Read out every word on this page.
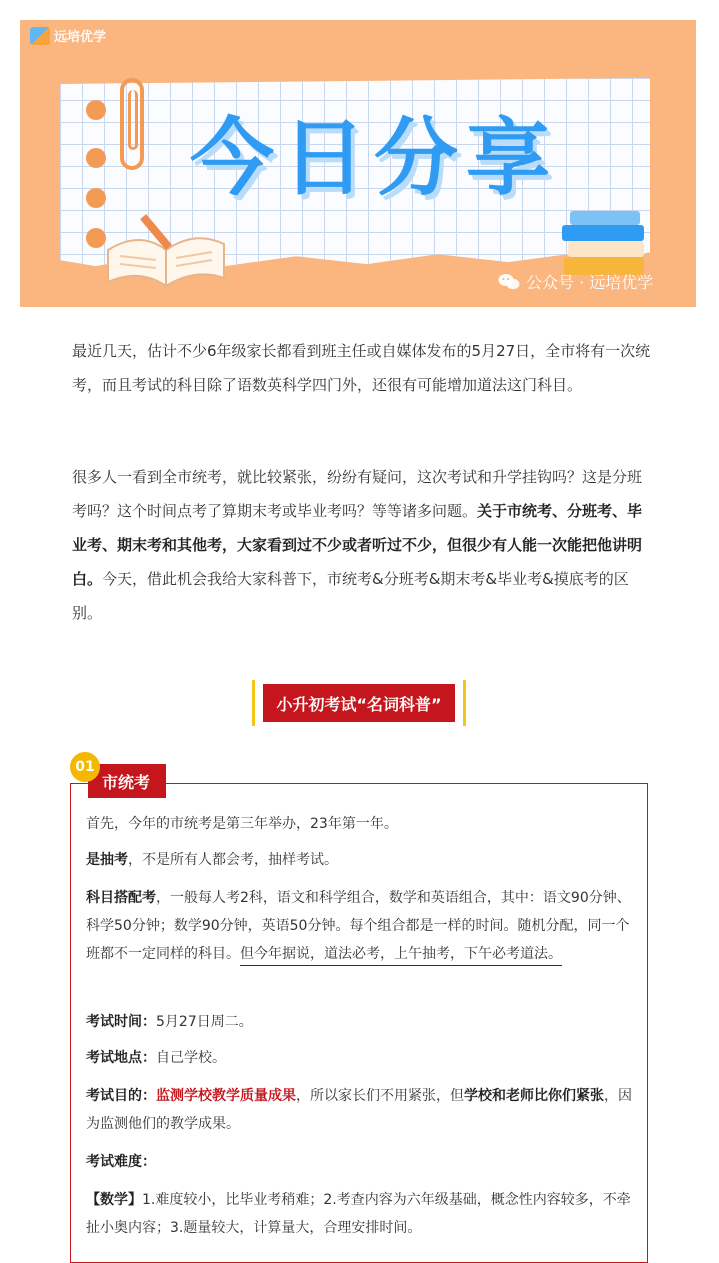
远培优学
今日分享
公众号 · 远培优学

最近几天，估计不少6年级家长都看到班主任或自媒体发布的5月27日，全市将有一次统考，而且考试的科目除了语数英科学四门外，还很有可能增加道法这门科目。

很多人一看到全市统考，就比较紧张，纷纷有疑问，这次考试和升学挂钩吗？这是分班考吗？这个时间点考了算期末考或毕业考吗？等等诸多问题。关于市统考、分班考、毕业考、期末考和其他考，大家看到过不少或者听过不少，但很少有人能一次能把他讲明白。今天，借此机会我给大家科普下，市统考&分班考&期末考&毕业考&摸底考的区别。

小升初考试“名词科普”
01
市统考

首先，今年的市统考是第三年举办，23年第一年。

是抽考，不是所有人都会考，抽样考试。

科目搭配考，一般每人考2科，语文和科学组合，数学和英语组合，其中：语文90分钟、科学50分钟；数学90分钟，英语50分钟。每个组合都是一样的时间。随机分配，同一个班都不一定同样的科目。但今年据说，道法必考，上午抽考，下午必考道法。

考试时间：5月27日周二。

考试地点：自己学校。

考试目的：监测学校教学质量成果，所以家长们不用紧张，但学校和老师比你们紧张，因为监测他们的教学成果。

考试难度：

【数学】1.难度较小，比毕业考稍难；2.考查内容为六年级基础，概念性内容较多，不牵扯小奥内容；3.题量较大，计算量大，合理安排时间。
